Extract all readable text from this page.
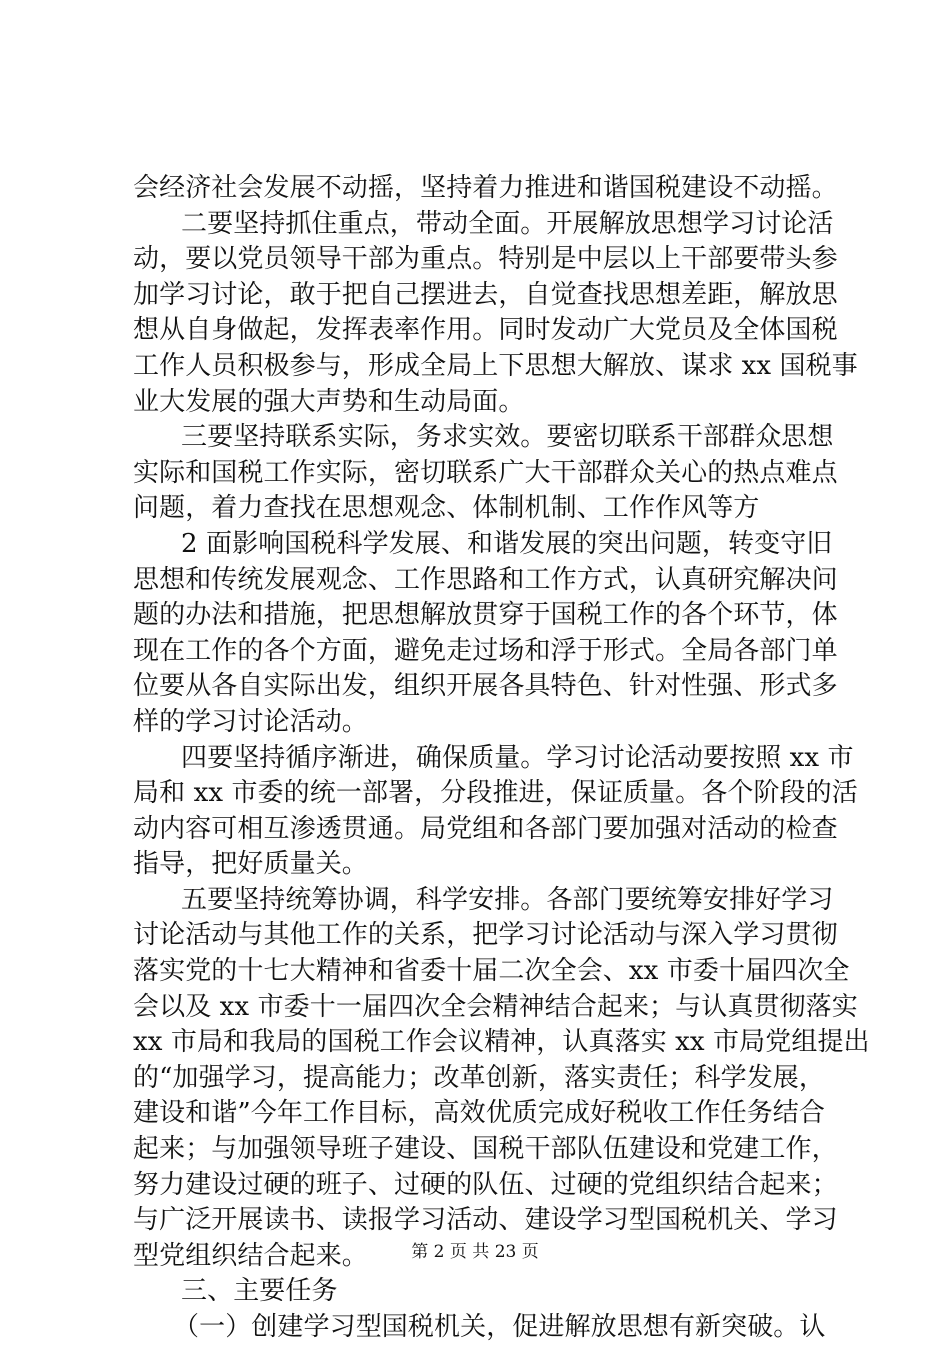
会经济社会发展不动摇，坚持着力推进和谐国税建设不动摇。
二要坚持抓住重点，带动全面。开展解放思想学习讨论活
动，要以党员领导干部为重点。特别是中层以上干部要带头参
加学习讨论，敢于把自己摆进去，自觉查找思想差距，解放思
想从自身做起，发挥表率作用。同时发动广大党员及全体国税
工作人员积极参与，形成全局上下思想大解放、谋求 xx 国税事
业大发展的强大声势和生动局面。
三要坚持联系实际，务求实效。要密切联系干部群众思想
实际和国税工作实际，密切联系广大干部群众关心的热点难点
问题，着力查找在思想观念、体制机制、工作作风等方
2 面影响国税科学发展、和谐发展的突出问题，转变守旧
思想和传统发展观念、工作思路和工作方式，认真研究解决问
题的办法和措施，把思想解放贯穿于国税工作的各个环节，体
现在工作的各个方面，避免走过场和浮于形式。全局各部门单
位要从各自实际出发，组织开展各具特色、针对性强、形式多
样的学习讨论活动。
四要坚持循序渐进，确保质量。学习讨论活动要按照 xx 市
局和 xx 市委的统一部署，分段推进，保证质量。各个阶段的活
动内容可相互渗透贯通。局党组和各部门要加强对活动的检查
指导，把好质量关。
五要坚持统筹协调，科学安排。各部门要统筹安排好学习
讨论活动与其他工作的关系，把学习讨论活动与深入学习贯彻
落实党的十七大精神和省委十届二次全会、xx 市委十届四次全
会以及 xx 市委十一届四次全会精神结合起来；与认真贯彻落实
xx 市局和我局的国税工作会议精神，认真落实 xx 市局党组提出
的“加强学习，提高能力；改革创新，落实责任；科学发展，
建设和谐”今年工作目标，高效优质完成好税收工作任务结合
起来；与加强领导班子建设、国税干部队伍建设和党建工作，
努力建设过硬的班子、过硬的队伍、过硬的党组织结合起来；
与广泛开展读书、读报学习活动、建设学习型国税机关、学习
型党组织结合起来。
三、主要任务
（一）创建学习型国税机关，促进解放思想有新突破。认
第 2 页 共 23 页
